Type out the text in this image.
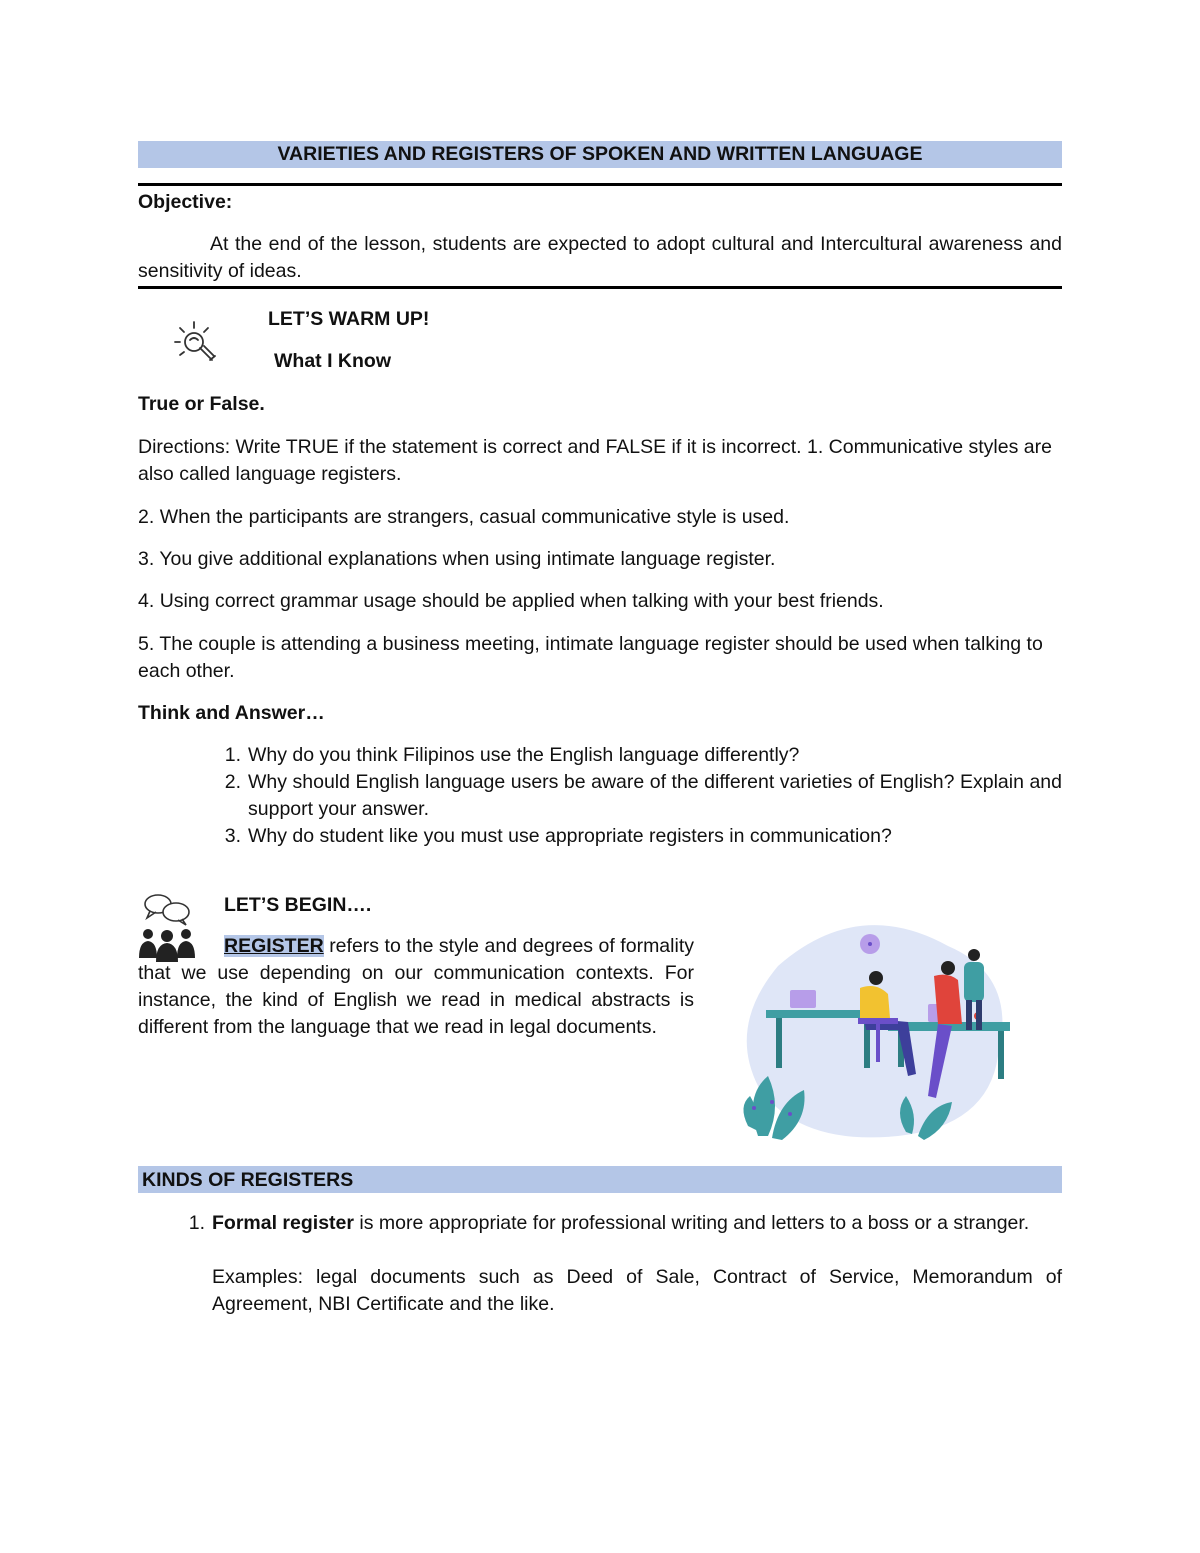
VARIETIES AND REGISTERS OF SPOKEN AND WRITTEN LANGUAGE

Objective:

At the end of the lesson, students are expected to adopt cultural and Intercultural awareness and sensitivity of ideas.

LET’S WARM UP!

What I Know

True or False.

Directions: Write TRUE if the statement is correct and FALSE if it is incorrect. 1. Communicative styles are also called language registers.

2. When the participants are strangers, casual communicative style is used.
3. You give additional explanations when using intimate language register.
4. Using correct grammar usage should be applied when talking with your best friends.
5. The couple is attending a business meeting, intimate language register should be used when talking to each other.

Think and Answer…

1. Why do you think Filipinos use the English language differently?
2. Why should English language users be aware of the different varieties of English? Explain and support your answer.
3. Why do student like you must use appropriate registers in communication?

LET’S BEGIN….

REGISTER refers to the style and degrees of formality that we use depending on our communication contexts. For instance, the kind of English we read in medical abstracts is different from the language that we read in legal documents.
KINDS OF REGISTERS
1. Formal register is more appropriate for professional writing and letters to a boss or a stranger.

Examples: legal documents such as Deed of Sale, Contract of Service, Memorandum of Agreement, NBI Certificate and the like.
